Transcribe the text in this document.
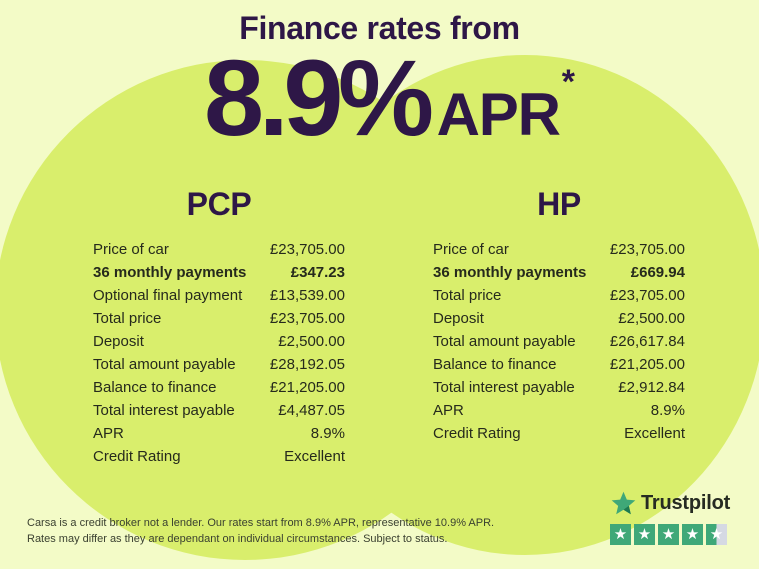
Finance rates from
8.9% APR*
PCP
Price of car	£23,705.00
36 monthly payments	£347.23
Optional final payment £13,539.00
Total price	£23,705.00
Deposit	£2,500.00
Total amount payable £28,192.05
Balance to finance	£21,205.00
Total interest payable	£4,487.05
APR	8.9%
Credit Rating	Excellent
HP
Price of car	£23,705.00
36 monthly payments	£669.94
Total price	£23,705.00
Deposit	£2,500.00
Total amount payable £26,617.84
Balance to finance	£21,205.00
Total interest payable	£2,912.84
APR	8.9%
Credit Rating	Excellent

Carsa is a credit broker not a lender. Our rates start from 8.9% APR, representative 10.9% APR.
Rates may differ as they are dependant on individual circumstances. Subject to status.

Trustpilot
★ ★ ★ ★ ★
